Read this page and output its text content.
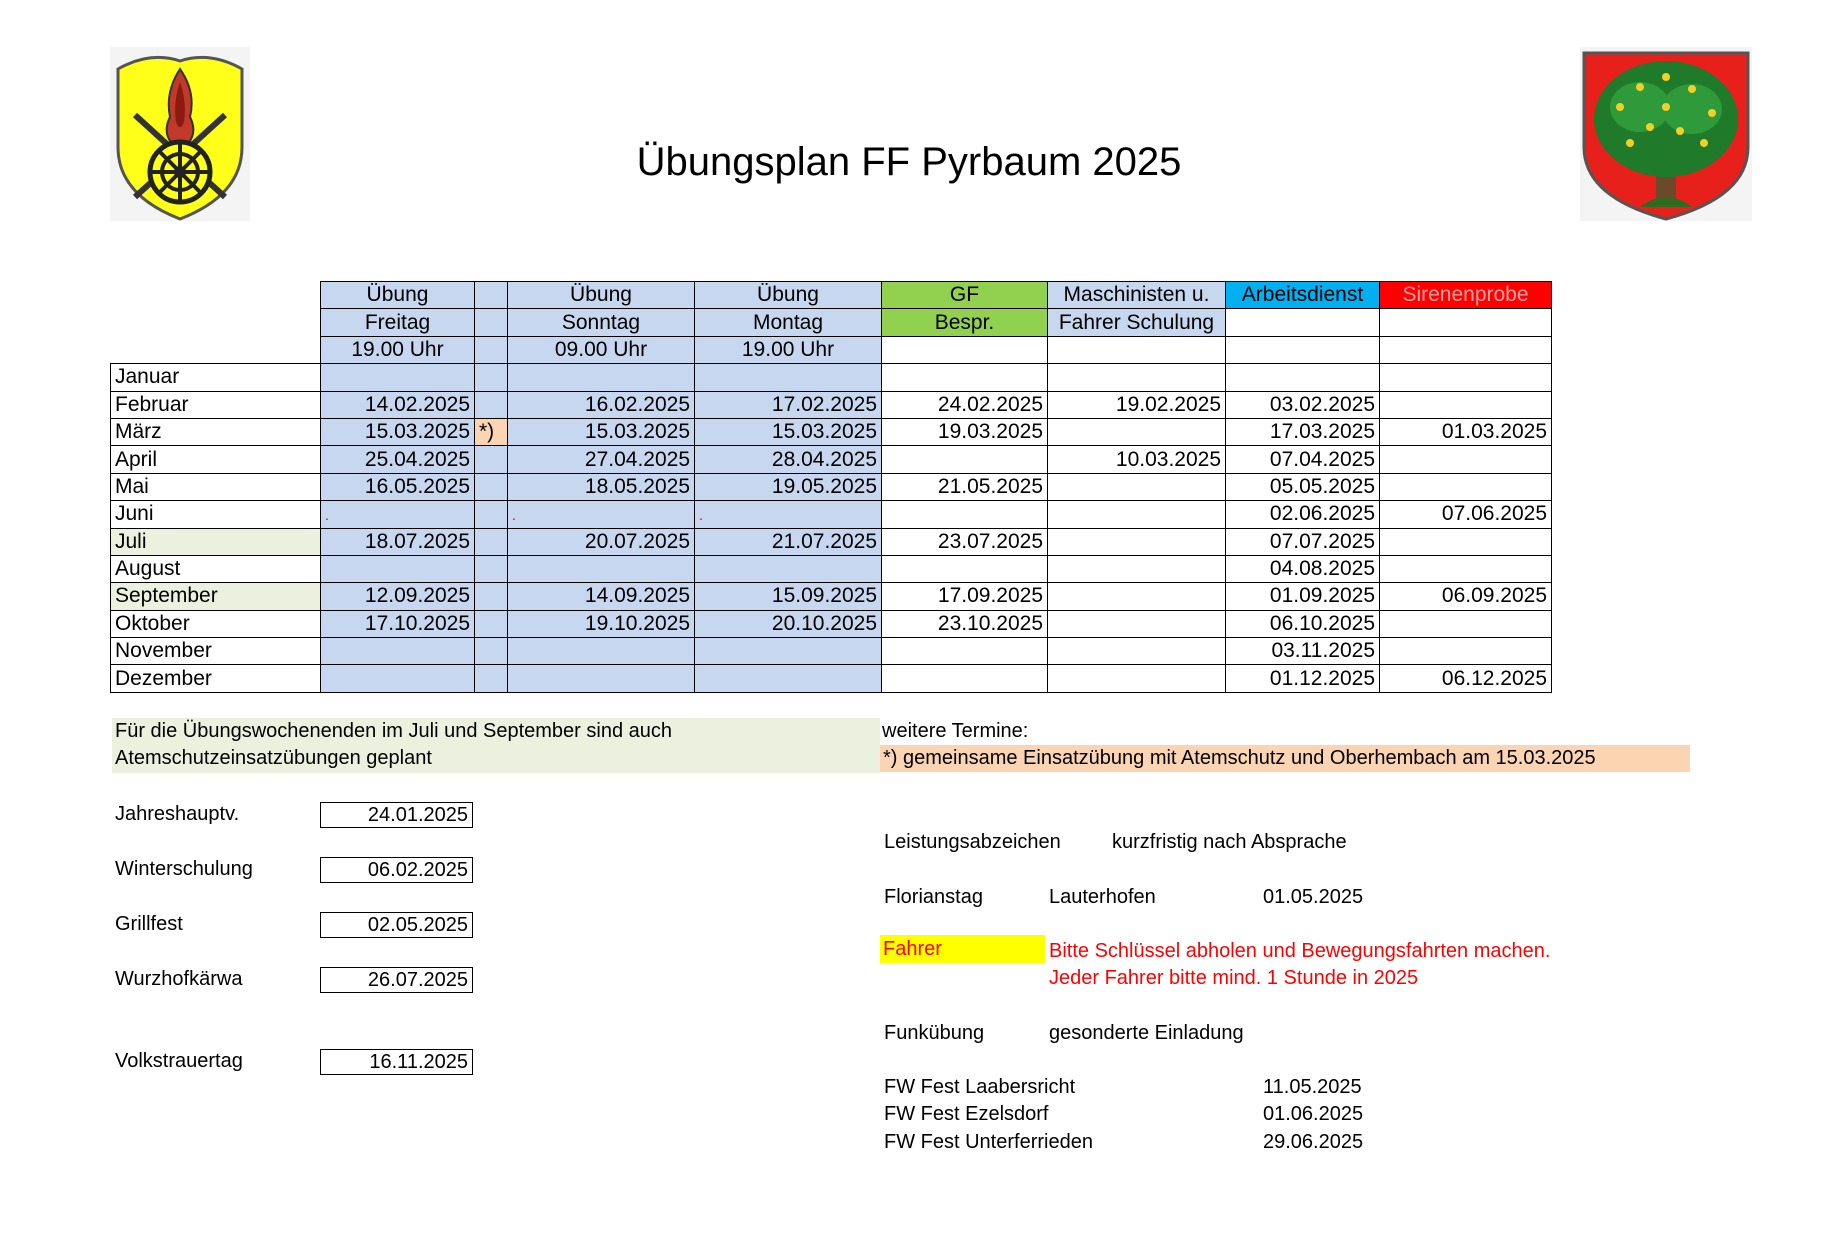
Übungsplan FF Pyrbaum 2025
	Übung		Übung	Übung	GF	Maschinisten u.	Arbeitsdienst	Sirenenprobe
	Freitag		Sonntag	Montag	Bespr.	Fahrer Schulung		
	19.00 Uhr		09.00 Uhr	19.00 Uhr				
Januar								
Februar	14.02.2025		16.02.2025	17.02.2025	24.02.2025	19.02.2025	03.02.2025	
März	15.03.2025	*)	15.03.2025	15.03.2025	19.03.2025		17.03.2025	01.03.2025
April	25.04.2025		27.04.2025	28.04.2025		10.03.2025	07.04.2025	
Mai	16.05.2025		18.05.2025	19.05.2025	21.05.2025		05.05.2025	
Juni	.		.	.			02.06.2025	07.06.2025
Juli	18.07.2025		20.07.2025	21.07.2025	23.07.2025		07.07.2025	
August							04.08.2025	
September	12.09.2025		14.09.2025	15.09.2025	17.09.2025		01.09.2025	06.09.2025
Oktober	17.10.2025		19.10.2025	20.10.2025	23.10.2025		06.10.2025	
November							03.11.2025	
Dezember							01.12.2025	06.12.2025
Für die Übungswochenenden im Juli und September sind auch
Atemschutzeinsatzübungen geplant
weitere Termine:
*) gemeinsame Einsatzübung mit Atemschutz und Oberhembach am 15.03.2025
Jahreshauptv.	24.01.2025
Winterschulung	06.02.2025
Grillfest	02.05.2025
Wurzhofkärwa	26.07.2025
Volkstrauertag	16.11.2025
Leistungsabzeichen	kurzfristig nach Absprache
Florianstag	Lauterhofen	01.05.2025
Fahrer	Bitte Schlüssel abholen und Bewegungsfahrten machen.
Jeder Fahrer bitte mind. 1 Stunde in 2025
Funkübung	gesonderte Einladung
FW Fest Laabersricht	11.05.2025
FW Fest Ezelsdorf	01.06.2025
FW Fest Unterferrieden	29.06.2025
